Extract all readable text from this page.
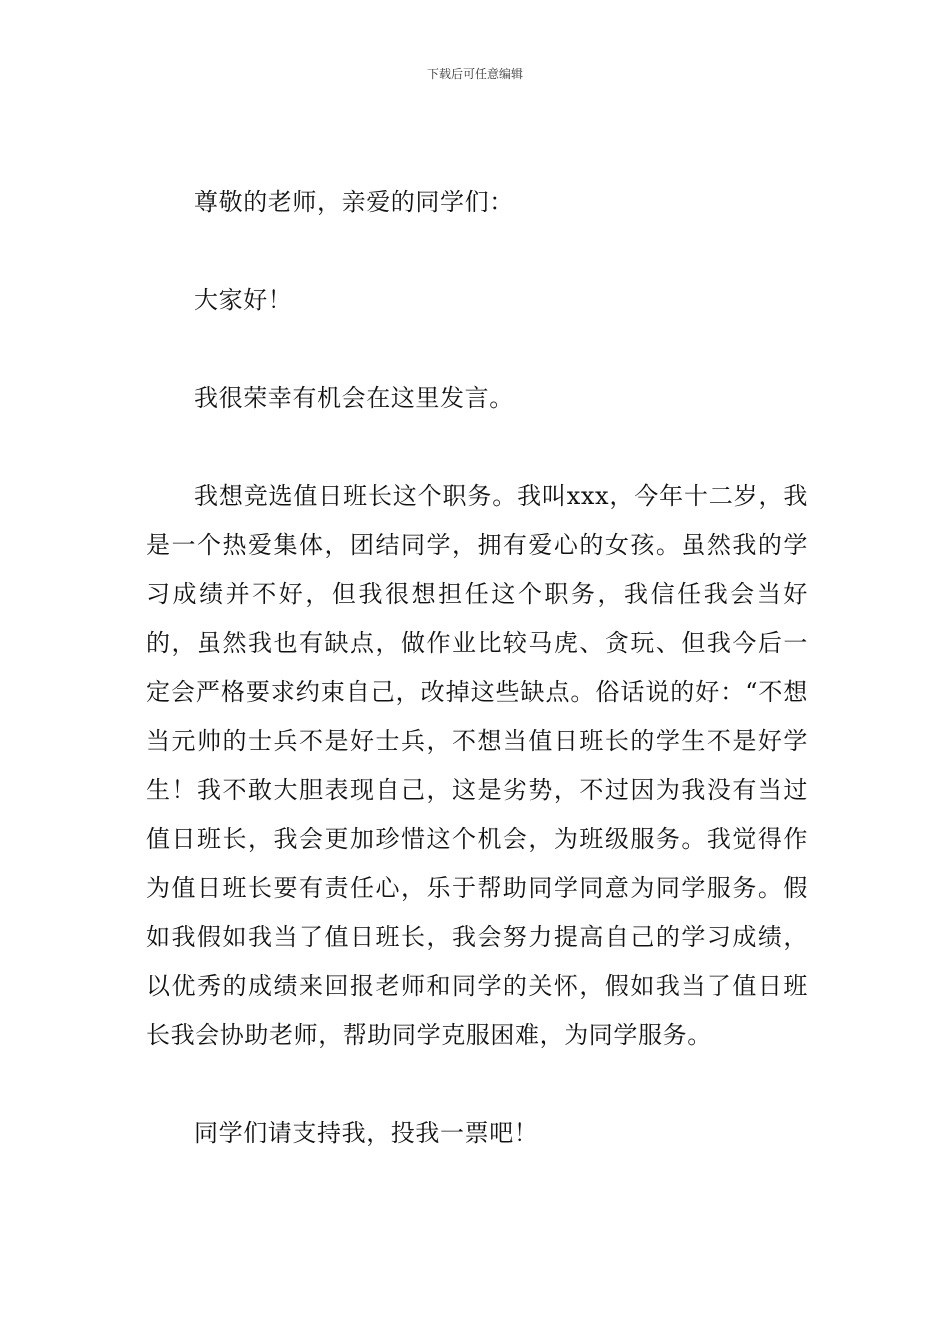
下载后可任意编辑

尊敬的老师，亲爱的同学们：

大家好！

我很荣幸有机会在这里发言。

我想竞选值日班长这个职务。我叫xxx，今年十二岁，我是一个热爱集体，团结同学，拥有爱心的女孩。虽然我的学习成绩并不好，但我很想担任这个职务，我信任我会当好的，虽然我也有缺点，做作业比较马虎、贪玩、但我今后一定会严格要求约束自己，改掉这些缺点。俗话说的好：“不想当元帅的士兵不是好士兵，不想当值日班长的学生不是好学生！我不敢大胆表现自己，这是劣势，不过因为我没有当过值日班长，我会更加珍惜这个机会，为班级服务。我觉得作为值日班长要有责任心，乐于帮助同学同意为同学服务。假如我假如我当了值日班长，我会努力提高自己的学习成绩，以优秀的成绩来回报老师和同学的关怀，假如我当了值日班长我会协助老师，帮助同学克服困难，为同学服务。

同学们请支持我，投我一票吧！
